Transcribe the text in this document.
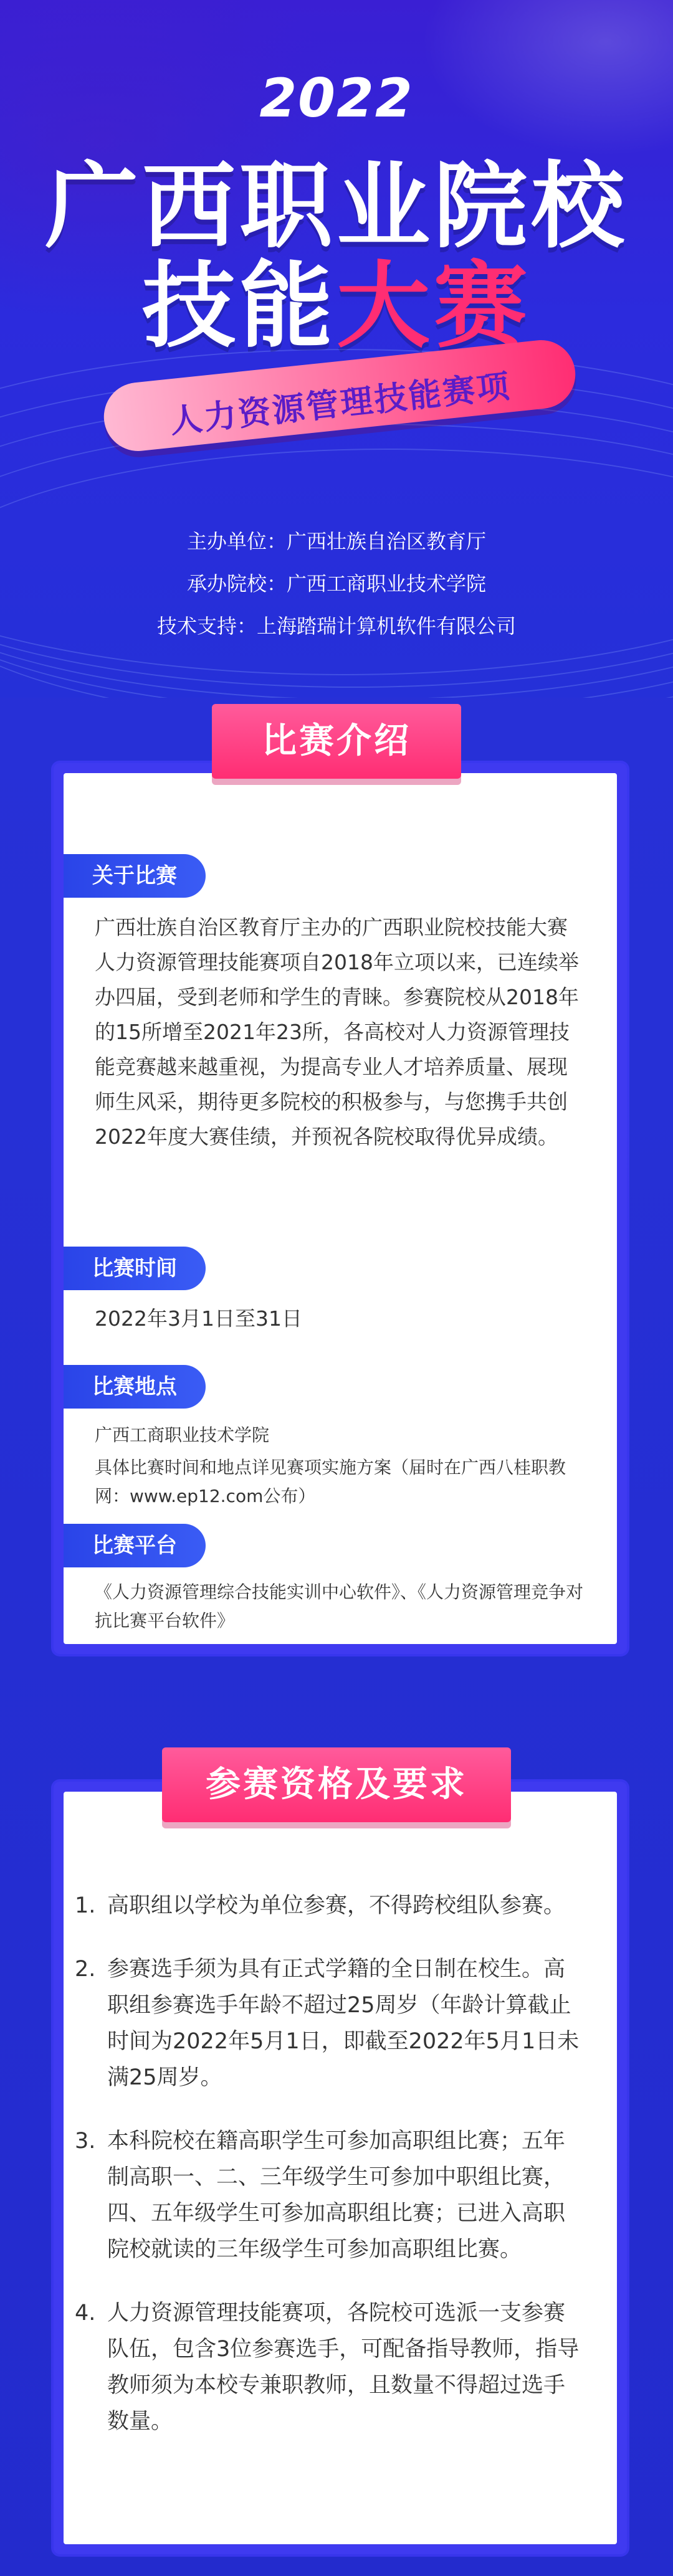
2022
广西职业院校
技能大赛
人力资源管理技能赛项
主办单位：广西壮族自治区教育厅
承办院校：广西工商职业技术学院
技术支持：上海踏瑞计算机软件有限公司
关于比赛
广西壮族自治区教育厅主办的广西职业院校技能大赛人力资源管理技能赛项自2018年立项以来，已连续举办四届，受到老师和学生的青睐。参赛院校从2018年的15所增至2021年23所，各高校对人力资源管理技能竞赛越来越重视，为提高专业人才培养质量、展现师生风采，期待更多院校的积极参与，与您携手共创2022年度大赛佳绩，并预祝各院校取得优异成绩。
比赛时间
2022年3月1日至31日
比赛地点
广西工商职业技术学院
具体比赛时间和地点详见赛项实施方案（届时在广西八桂职教网：www.ep12.com公布）
比赛平台
《人力资源管理综合技能实训中心软件》、《人力资源管理竞争对抗比赛平台软件》
比赛介绍
参赛资格及要求
1. 高职组以学校为单位参赛，不得跨校组队参赛。
2. 参赛选手须为具有正式学籍的全日制在校生。高职组参赛选手年龄不超过25周岁（年龄计算截止时间为2022年5月1日，即截至2022年5月1日未满25周岁。
3. 本科院校在籍高职学生可参加高职组比赛；五年制高职一、二、三年级学生可参加中职组比赛，四、五年级学生可参加高职组比赛；已进入高职院校就读的三年级学生可参加高职组比赛。
4. 人力资源管理技能赛项，各院校可选派一支参赛队伍，包含3位参赛选手，可配备指导教师，指导教师须为本校专兼职教师，且数量不得超过选手数量。
